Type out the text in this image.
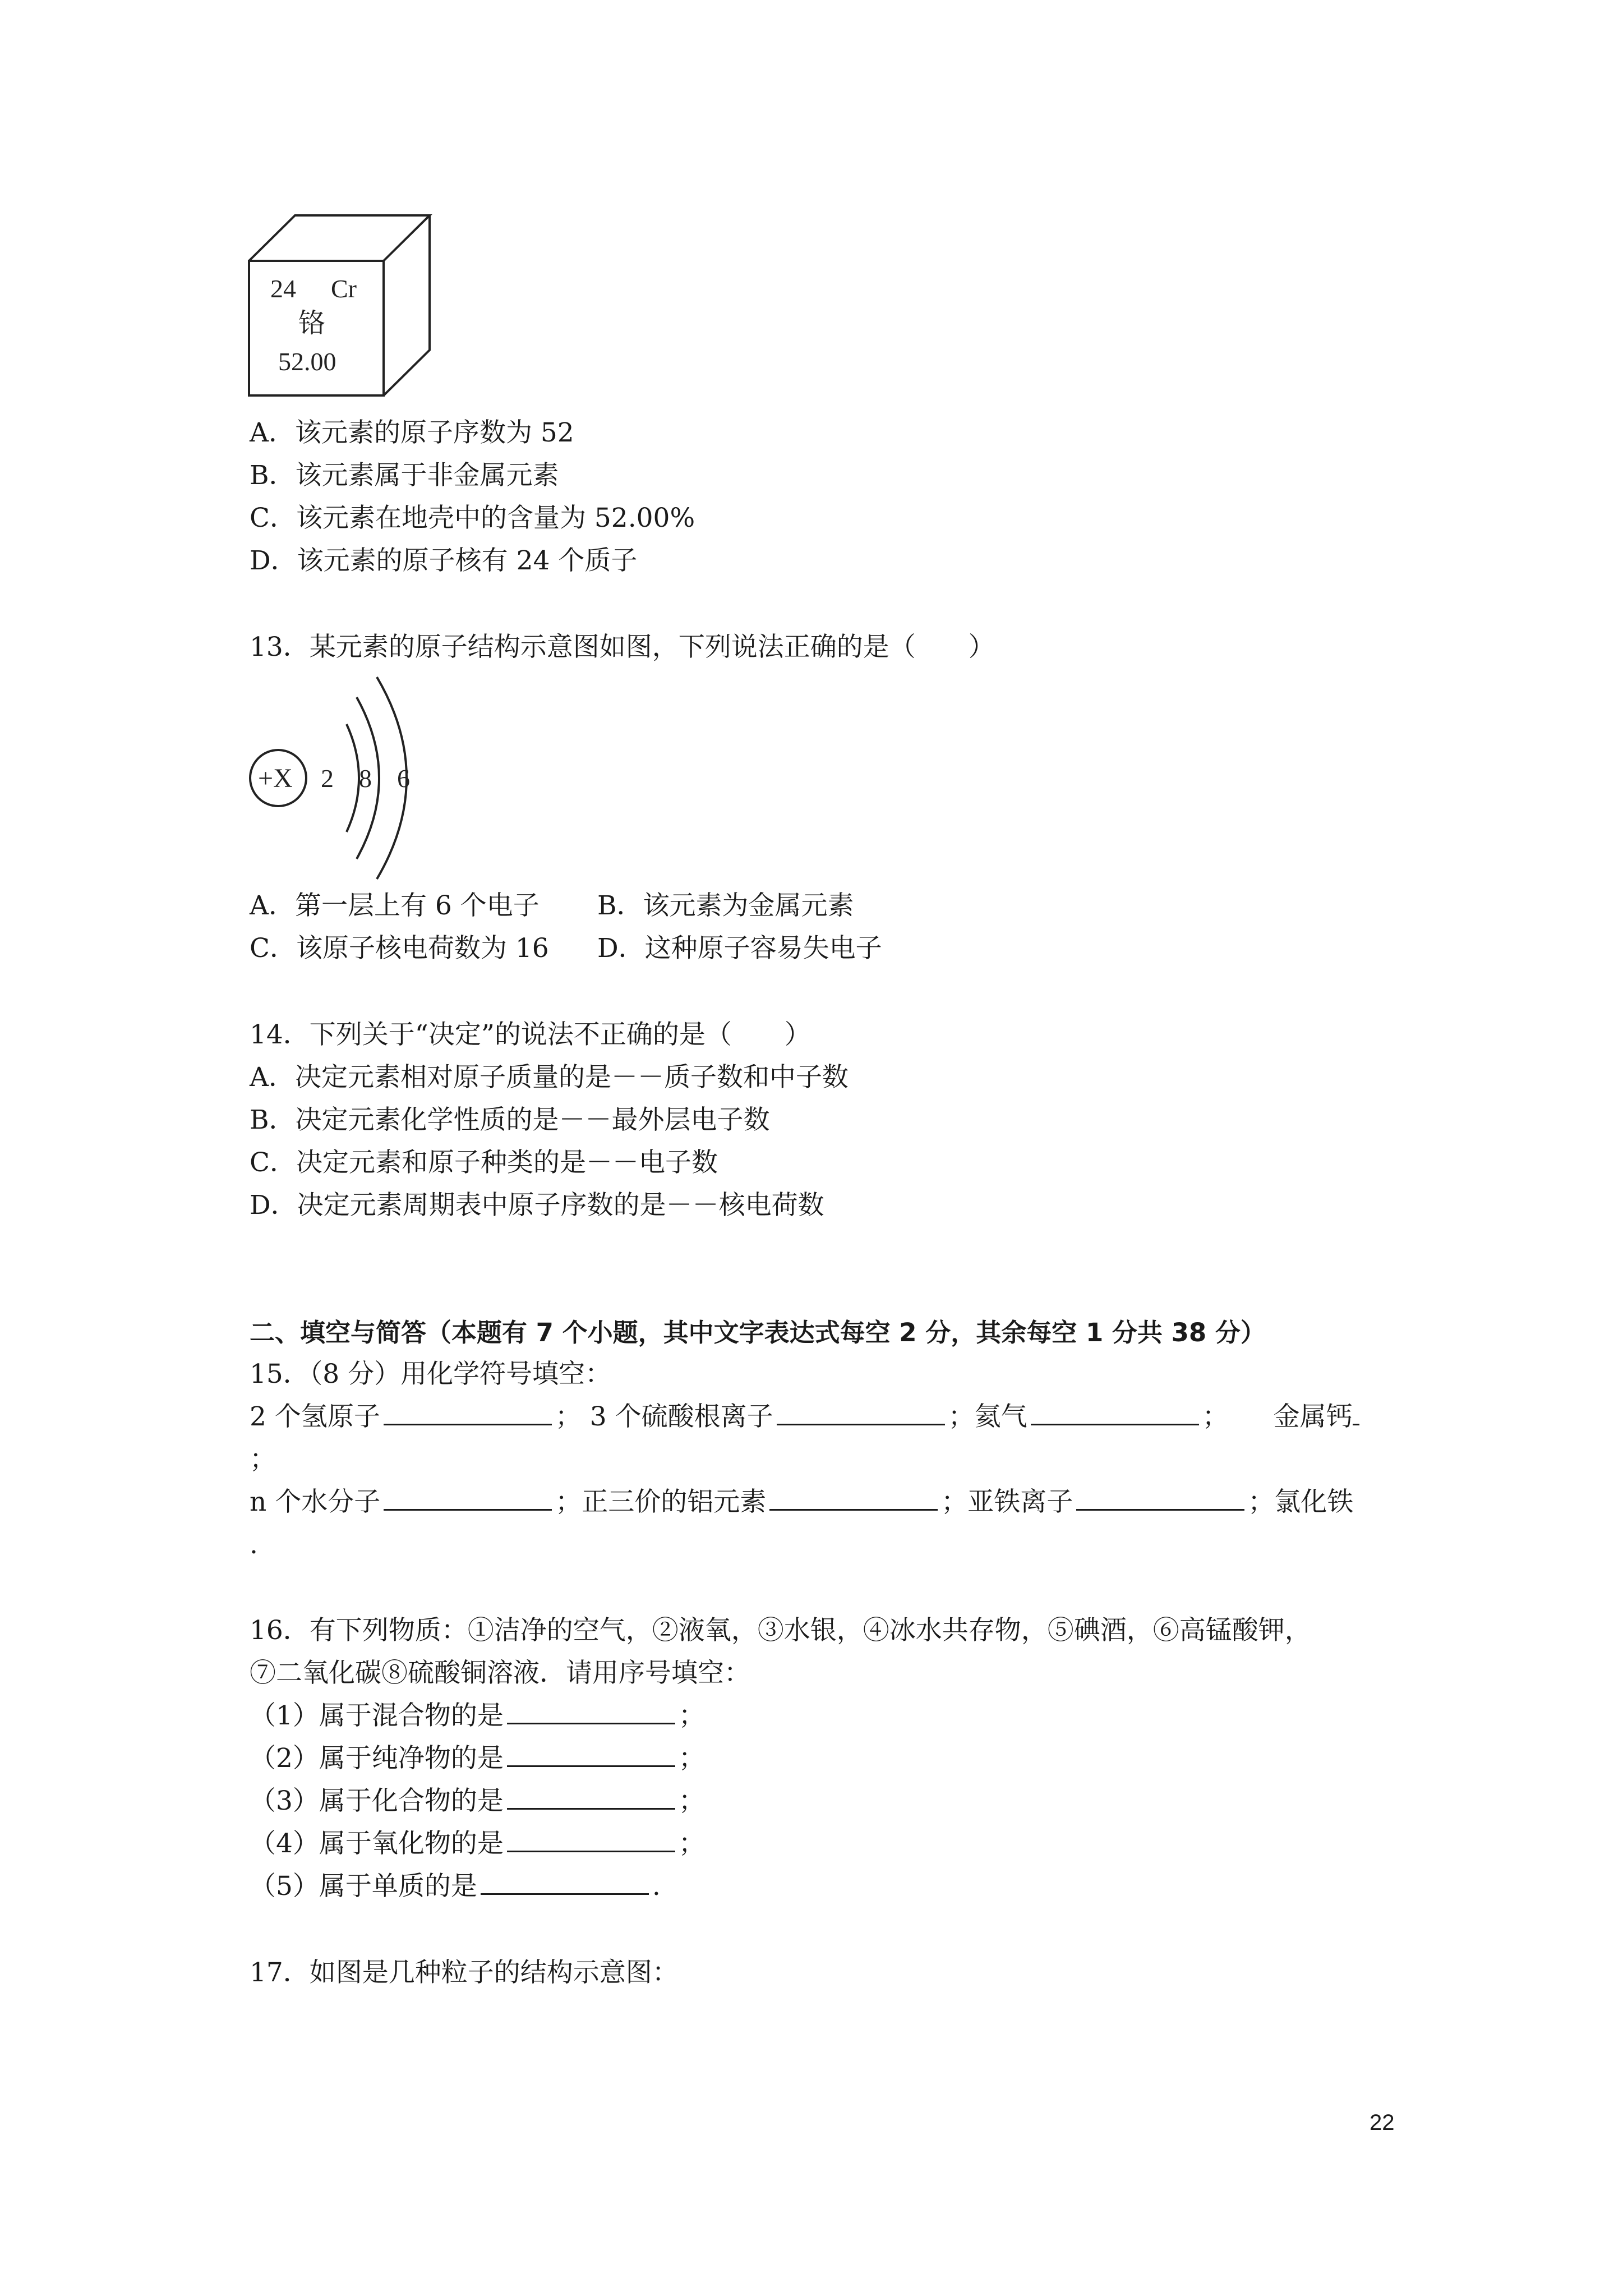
24 Cr
铬
52.00
A．该元素的原子序数为 52
B．该元素属于非金属元素
C．该元素在地壳中的含量为 52.00%
D．该元素的原子核有 24 个质子
13．某元素的原子结构示意图如图，下列说法正确的是（　　）
+X 2 8 6
A．第一层上有 6 个电子 B．该元素为金属元素
C．该原子核电荷数为 16 D．这种原子容易失电子
14．下列关于“决定”的说法不正确的是（　　）
A．决定元素相对原子质量的是－－质子数和中子数
B．决定元素化学性质的是－－最外层电子数
C．决定元素和原子种类的是－－电子数
D．决定元素周期表中原子序数的是－－核电荷数
二、填空与简答（本题有 7 个小题，其中文字表达式每空 2 分，其余每空 1 分共 38 分）
15．（8 分）用化学符号填空：
2 个氢原子	； 3 个硫酸根离子	；氦气	； 金属钙
；
n 个水分子	；正三价的铝元素	；亚铁离子	；氯化铁
.
16．有下列物质：①洁净的空气，②液氧，③水银，④冰水共存物，⑤碘酒，⑥高锰酸钾，
⑦二氧化碳⑧硫酸铜溶液．请用序号填空：
（1）属于混合物的是	；
（2）属于纯净物的是	；
（3）属于化合物的是	；
（4）属于氧化物的是	；
（5）属于单质的是	.
17．如图是几种粒子的结构示意图：
22
